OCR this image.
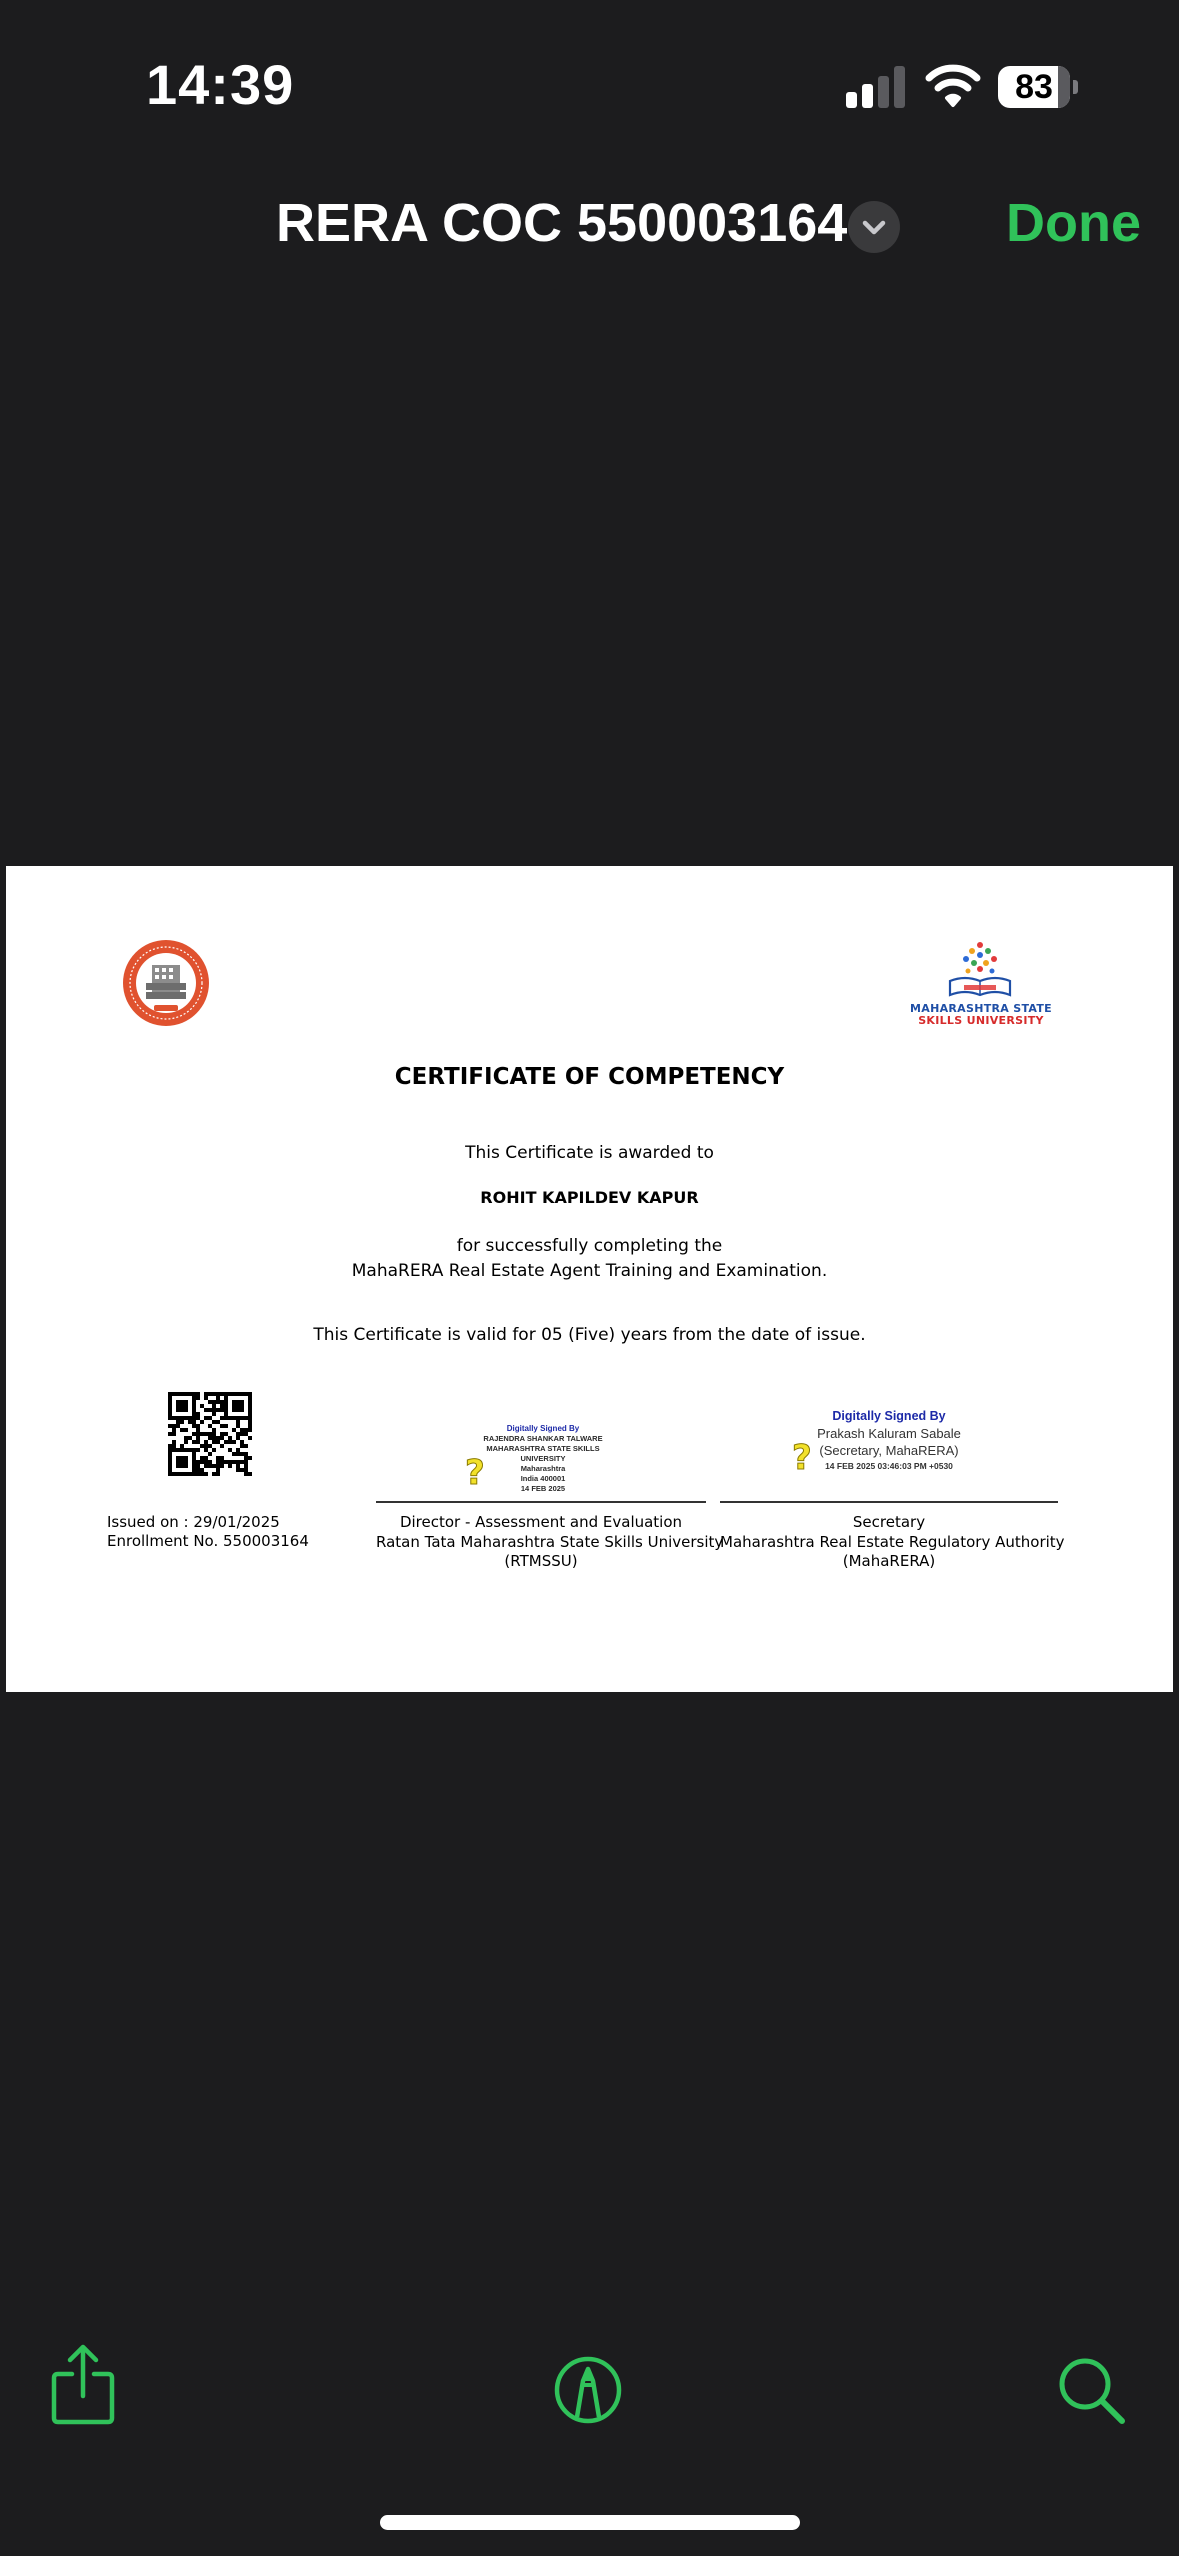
14:39	83
RERA COC 550003164	Done
MAHARASHTRA STATE
SKILLS UNIVERSITY
CERTIFICATE OF COMPETENCY
This Certificate is awarded to
ROHIT KAPILDEV KAPUR
for successfully completing the
MahaRERA Real Estate Agent Training and Examination.
This Certificate is valid for 05 (Five) years from the date of issue.
Issued on : 29/01/2025
Enrollment No. 550003164
Digitally Signed By
RAJENDRA SHANKAR TALWARE
MAHARASHTRA STATE SKILLS
UNIVERSITY
Maharashtra
India 400001
14 FEB 2025
?
Digitally Signed By
Prakash Kaluram Sabale
(Secretary, MahaRERA)
14 FEB 2025 03:46:03 PM +0530
?
Director - Assessment and Evaluation
Ratan Tata Maharashtra State Skills University
(RTMSSU)
Secretary
Maharashtra Real Estate Regulatory Authority
(MahaRERA)
